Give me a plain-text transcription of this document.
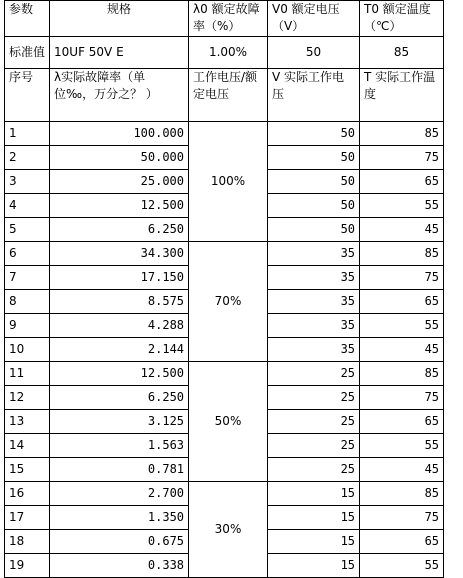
参数	规格	λ0 额定故障率（%）	V0 额定电压（V）	T0 额定温度（℃）
标准值	10UF 50V E	1.00%	50	85
序号	λ实际故障率（单位‰，万分之？ ）	工作电压/额定电压	V 实际工作电压	T 实际工作温度
1	100.000	100%	50	85
2	50.000		50	75
3	25.000		50	65
4	12.500		50	55
5	6.250		50	45
6	34.300	70%	35	85
7	17.150		35	75
8	8.575		35	65
9	4.288		35	55
10	2.144		35	45
11	12.500	50%	25	85
12	6.250		25	75
13	3.125		25	65
14	1.563		25	55
15	0.781		25	45
16	2.700	30%	15	85
17	1.350		15	75
18	0.675		15	65
19	0.338		15	55
